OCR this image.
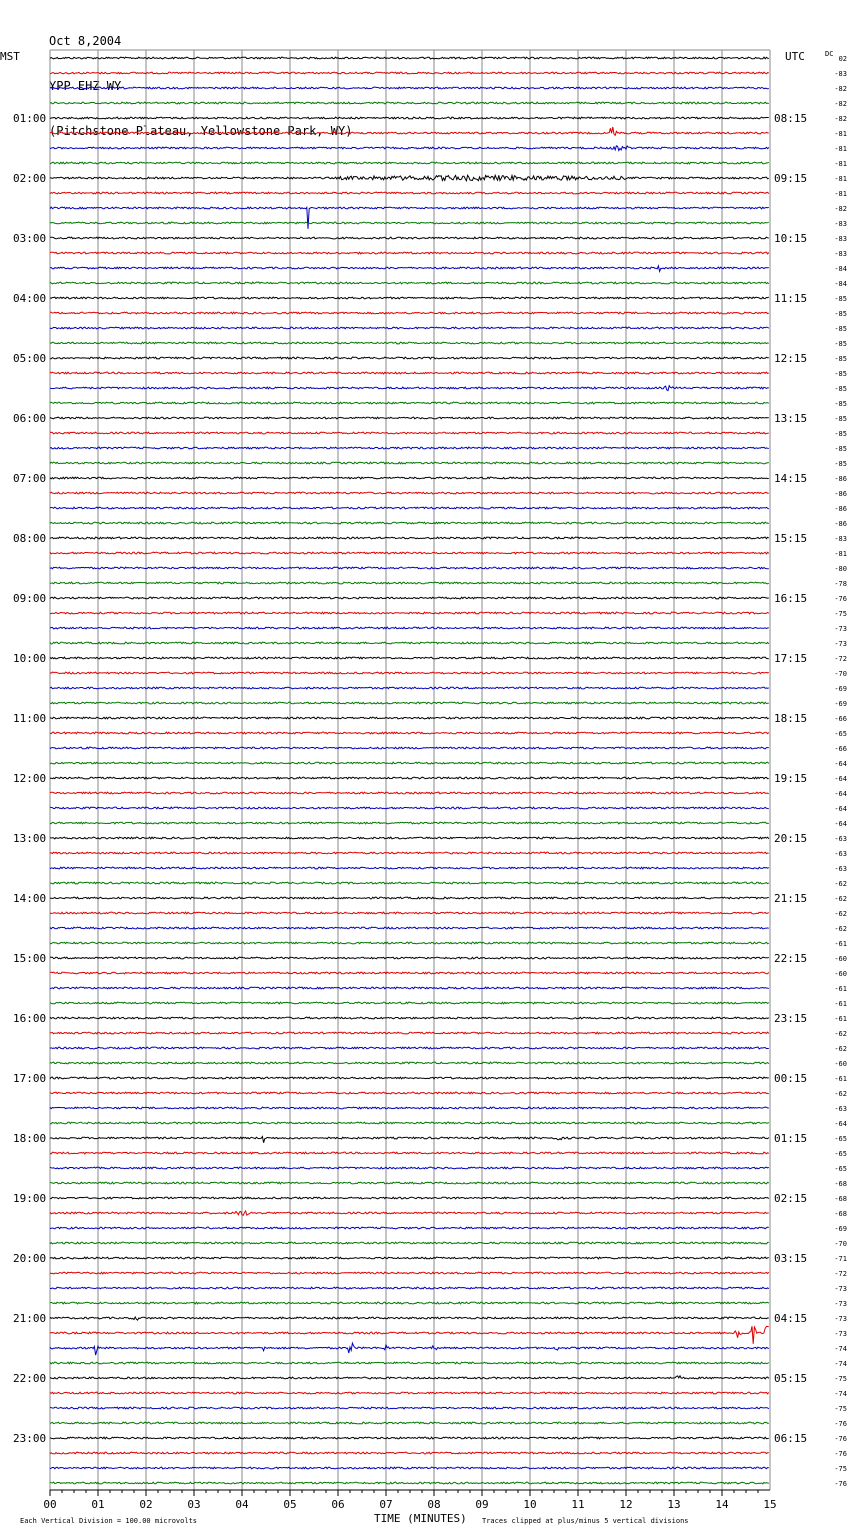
Oct 8,2004

YPP EHZ WY

(Pitchstone Plateau, Yellowstone Park, WY)

01:00
02:00
03:00
04:00
05:00
06:00
07:00
08:00
09:00
10:00
11:00
12:00
13:00
14:00
15:00
16:00
17:00
18:00
19:00
20:00
21:00
22:00
23:00
08:15
09:15
10:15
11:15
12:15
13:15
14:15
15:15
16:15
17:15
18:15
19:15
20:15
21:15
22:15
23:15
00:15
01:15
02:15
03:15
04:15
05:15
06:15
02
-83
-82
-82
-82
-81
-81
-81
-81
-81
-82
-83
-83
-83
-84
-84
-85
-85
-85
-85
-85
-85
-85
-85
-85
-85
-85
-85
-86
-86
-86
-86
-83
-81
-80
-78
-76
-75
-73
-73
-72
-70
-69
-69
-66
-65
-66
-64
-64
-64
-64
-64
-63
-63
-63
-62
-62
-62
-62
-61
-60
-60
-61
-61
-61
-62
-62
-60
-61
-62
-63
-64
-65
-65
-65
-68
-68
-68
-69
-70
-71
-72
-73
-73
-73
-73
-74
-74
-75
-74
-75
-76
-76
-76
-75
-76
00	01	02	03	04	05	06	07	08	09	10	11	12	13	14	15
MST	UTC	DC
TIME (MINUTES)
Each Vertical Division = 100.00 microvolts	Traces clipped at plus/minus 5 vertical divisions
